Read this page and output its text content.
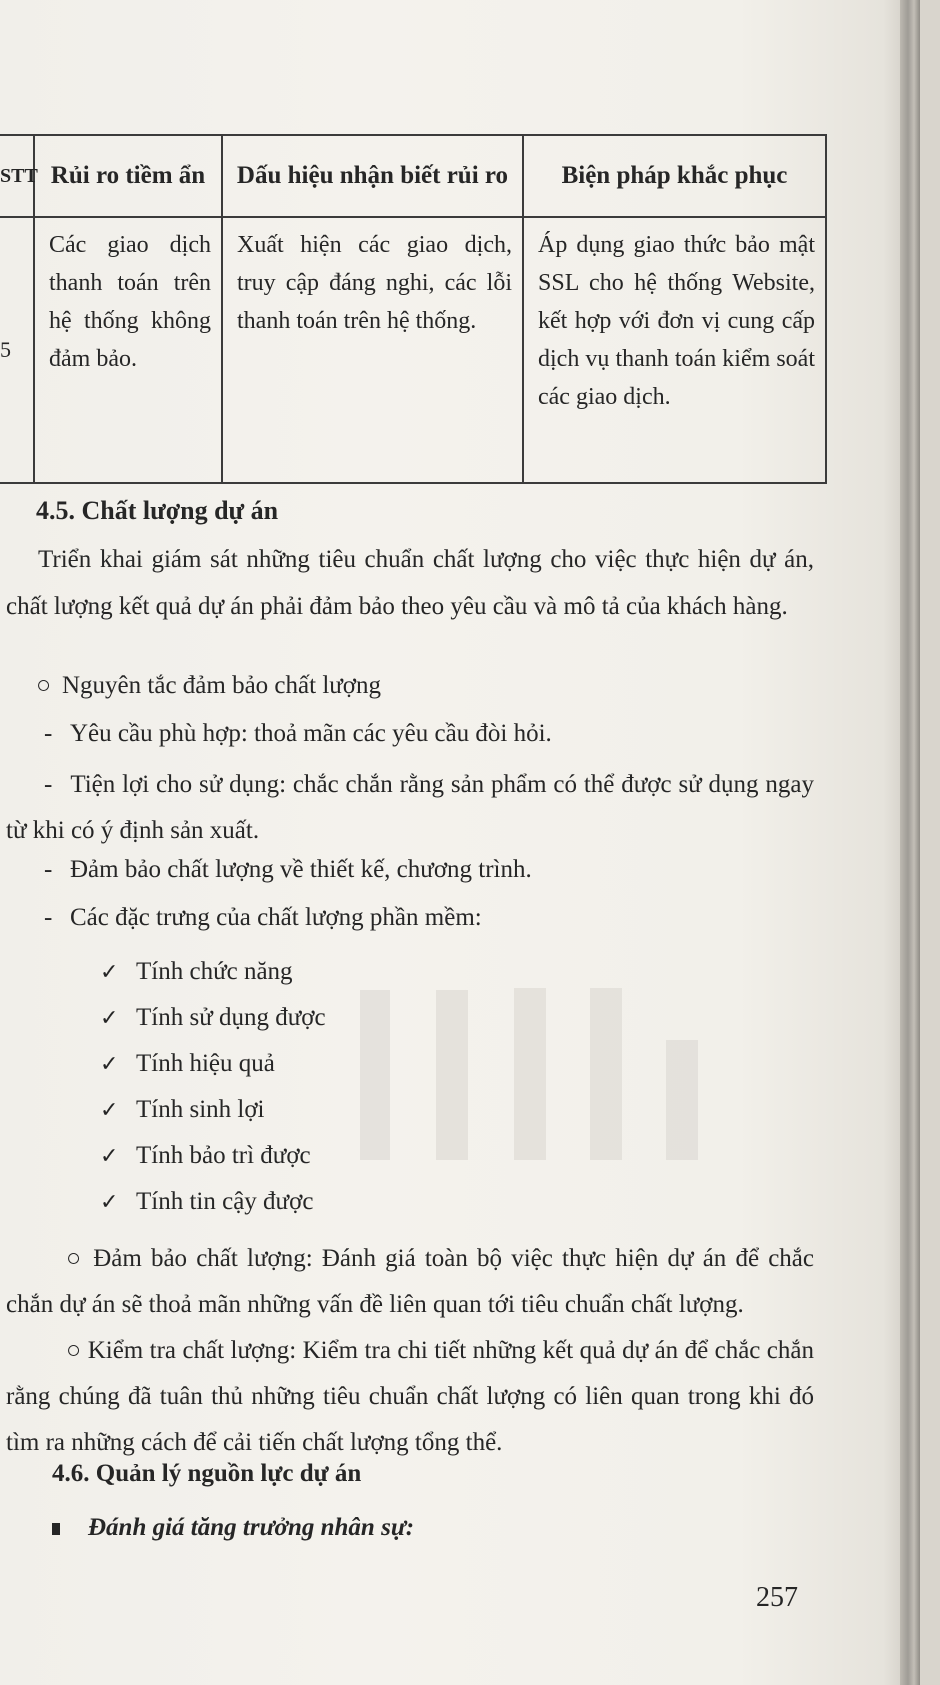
STT	Rủi ro tiềm ẩn	Dấu hiệu nhận biết rủi ro	Biện pháp khắc phục
5	Các giao dịch thanh toán trên hệ thống không đảm bảo.	Xuất hiện các giao dịch, truy cập đáng nghi, các lỗi thanh toán trên hệ thống.	Áp dụng giao thức bảo mật SSL cho hệ thống Website, kết hợp với đơn vị cung cấp dịch vụ thanh toán kiểm soát các giao dịch.

4.5. Chất lượng dự án

Triển khai giám sát những tiêu chuẩn chất lượng cho việc thực hiện dự án, chất lượng kết quả dự án phải đảm bảo theo yêu cầu và mô tả của khách hàng.

○ Nguyên tắc đảm bảo chất lượng

- Yêu cầu phù hợp: thoả mãn các yêu cầu đòi hỏi.

- Tiện lợi cho sử dụng: chắc chắn rằng sản phẩm có thể được sử dụng ngay từ khi có ý định sản xuất.

- Đảm bảo chất lượng về thiết kế, chương trình.

- Các đặc trưng của chất lượng phần mềm:

✓ Tính chức năng

✓ Tính sử dụng được

✓ Tính hiệu quả

✓ Tính sinh lợi

✓ Tính bảo trì được

✓ Tính tin cậy được

○ Đảm bảo chất lượng: Đánh giá toàn bộ việc thực hiện dự án để chắc chắn dự án sẽ thoả mãn những vấn đề liên quan tới tiêu chuẩn chất lượng.

○ Kiểm tra chất lượng: Kiểm tra chi tiết những kết quả dự án để chắc chắn rằng chúng đã tuân thủ những tiêu chuẩn chất lượng có liên quan trong khi đó tìm ra những cách để cải tiến chất lượng tổng thể.

4.6. Quản lý nguồn lực dự án

Đánh giá tăng trưởng nhân sự:

257
